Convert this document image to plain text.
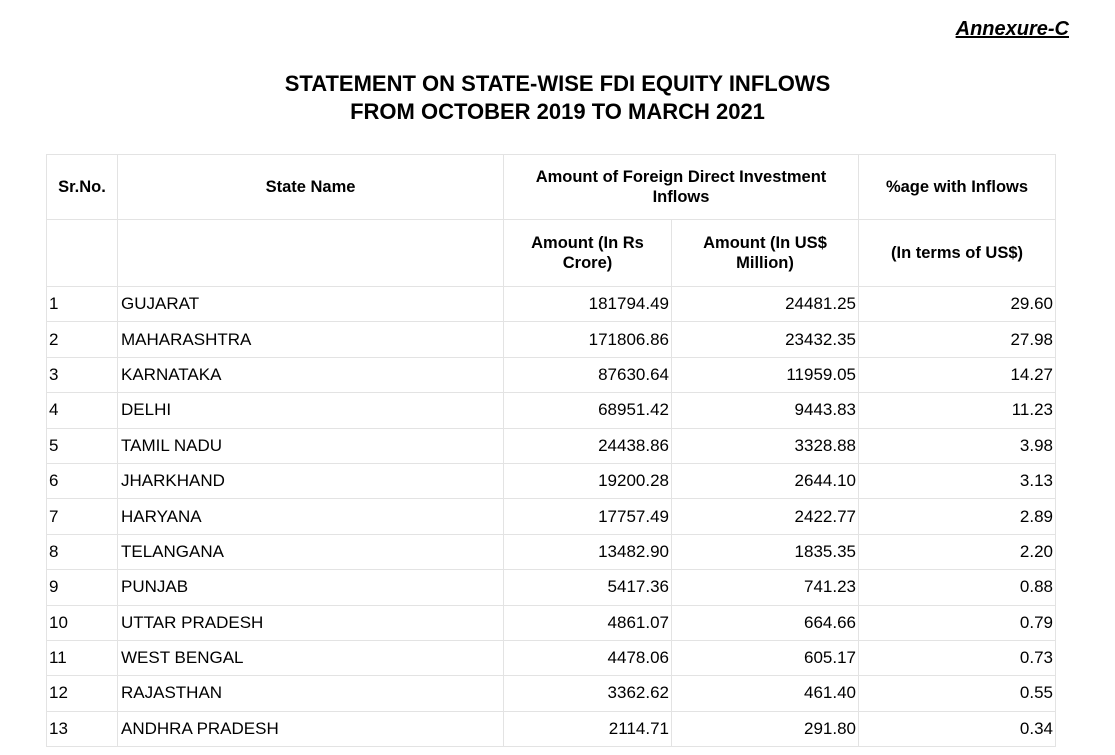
Annexure-C
STATEMENT ON STATE-WISE FDI EQUITY INFLOWS
FROM OCTOBER 2019 TO MARCH 2021
Sr.No.	State Name	Amount of Foreign Direct Investment Inflows		%age with Inflows
		Amount (In Rs Crore)	Amount (In US$ Million)	(In terms of US$)
1	GUJARAT	181794.49	24481.25	29.60
2	MAHARASHTRA	171806.86	23432.35	27.98
3	KARNATAKA	87630.64	11959.05	14.27
4	DELHI	68951.42	9443.83	11.23
5	TAMIL NADU	24438.86	3328.88	3.98
6	JHARKHAND	19200.28	2644.10	3.13
7	HARYANA	17757.49	2422.77	2.89
8	TELANGANA	13482.90	1835.35	2.20
9	PUNJAB	5417.36	741.23	0.88
10	UTTAR PRADESH	4861.07	664.66	0.79
11	WEST BENGAL	4478.06	605.17	0.73
12	RAJASTHAN	3362.62	461.40	0.55
13	ANDHRA PRADESH	2114.71	291.80	0.34
